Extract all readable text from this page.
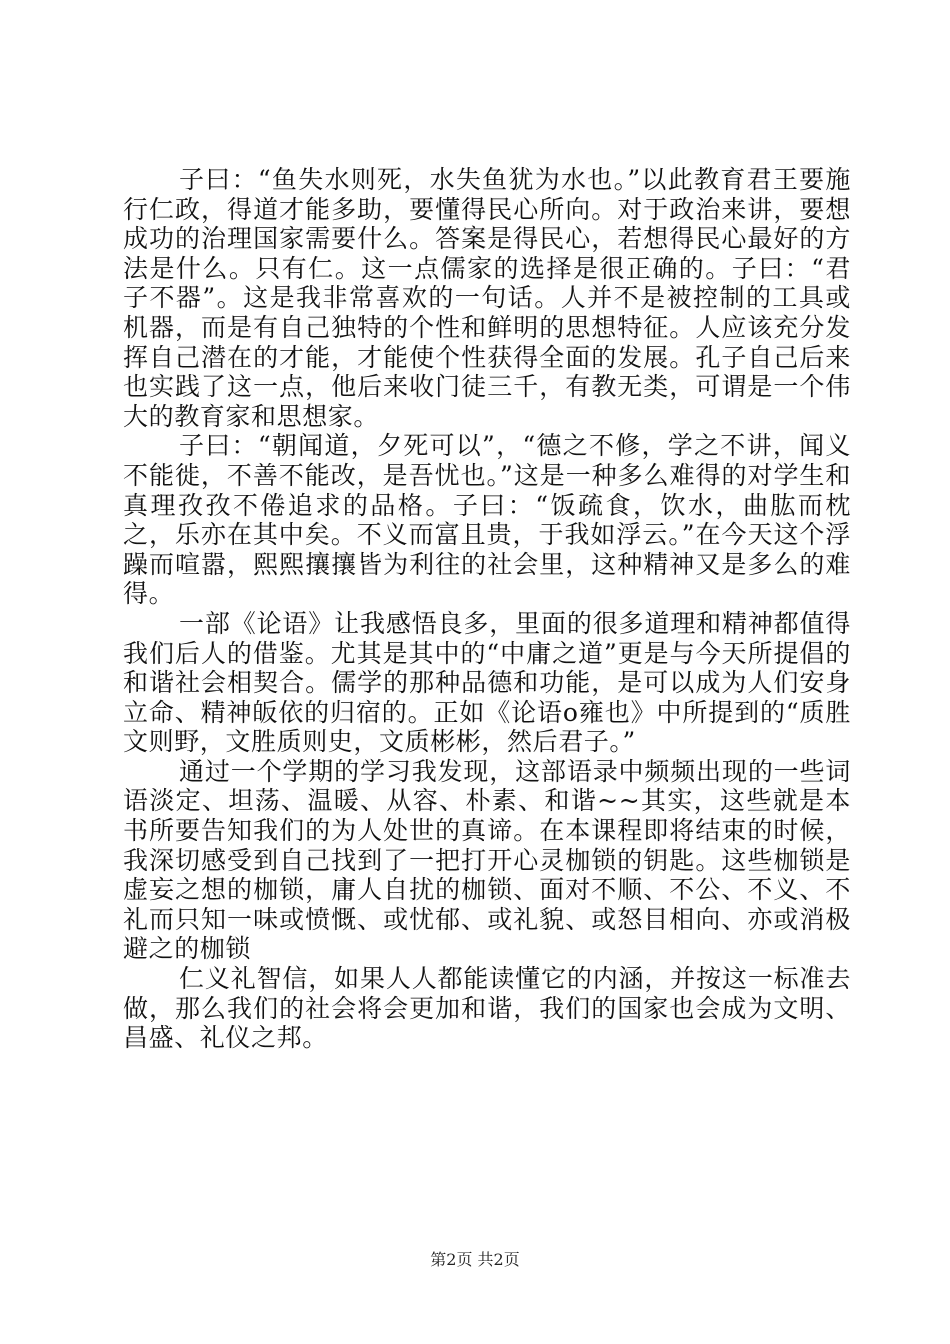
子曰：“鱼失水则死，水失鱼犹为水也。”以此教育君王要施行仁政，得道才能多助，要懂得民心所向。对于政治来讲，要想成功的治理国家需要什么。答案是得民心，若想得民心最好的方法是什么。只有仁。这一点儒家的选择是很正确的。子曰：“君子不器”。这是我非常喜欢的一句话。人并不是被控制的工具或机器，而是有自己独特的个性和鲜明的思想特征。人应该充分发挥自己潜在的才能，才能使个性获得全面的发展。孔子自己后来也实践了这一点，他后来收门徒三千，有教无类，可谓是一个伟大的教育家和思想家。

子曰：“朝闻道，夕死可以”，“德之不修，学之不讲，闻义不能徙，不善不能改，是吾忧也。”这是一种多么难得的对学生和真理孜孜不倦追求的品格。子曰：“饭疏食，饮水，曲肱而枕之，乐亦在其中矣。不义而富且贵，于我如浮云。”在今天这个浮躁而喧嚣，熙熙攘攘皆为利往的社会里，这种精神又是多么的难得。

一部《论语》让我感悟良多，里面的很多道理和精神都值得我们后人的借鉴。尤其是其中的“中庸之道”更是与今天所提倡的和谐社会相契合。儒学的那种品德和功能，是可以成为人们安身立命、精神皈依的归宿的。正如《论语ο雍也》中所提到的“质胜文则野，文胜质则史，文质彬彬，然后君子。”

通过一个学期的学习我发现，这部语录中频频出现的一些词语淡定、坦荡、温暖、从容、朴素、和谐~~其实，这些就是本书所要告知我们的为人处世的真谛。在本课程即将结束的时候，我深切感受到自己找到了一把打开心灵枷锁的钥匙。这些枷锁是虚妄之想的枷锁，庸人自扰的枷锁、面对不顺、不公、不义、不礼而只知一味或愤慨、或忧郁、或礼貌、或怒目相向、亦或消极避之的枷锁

仁义礼智信，如果人人都能读懂它的内涵，并按这一标准去做，那么我们的社会将会更加和谐，我们的国家也会成为文明、昌盛、礼仪之邦。

第2页 共2页
